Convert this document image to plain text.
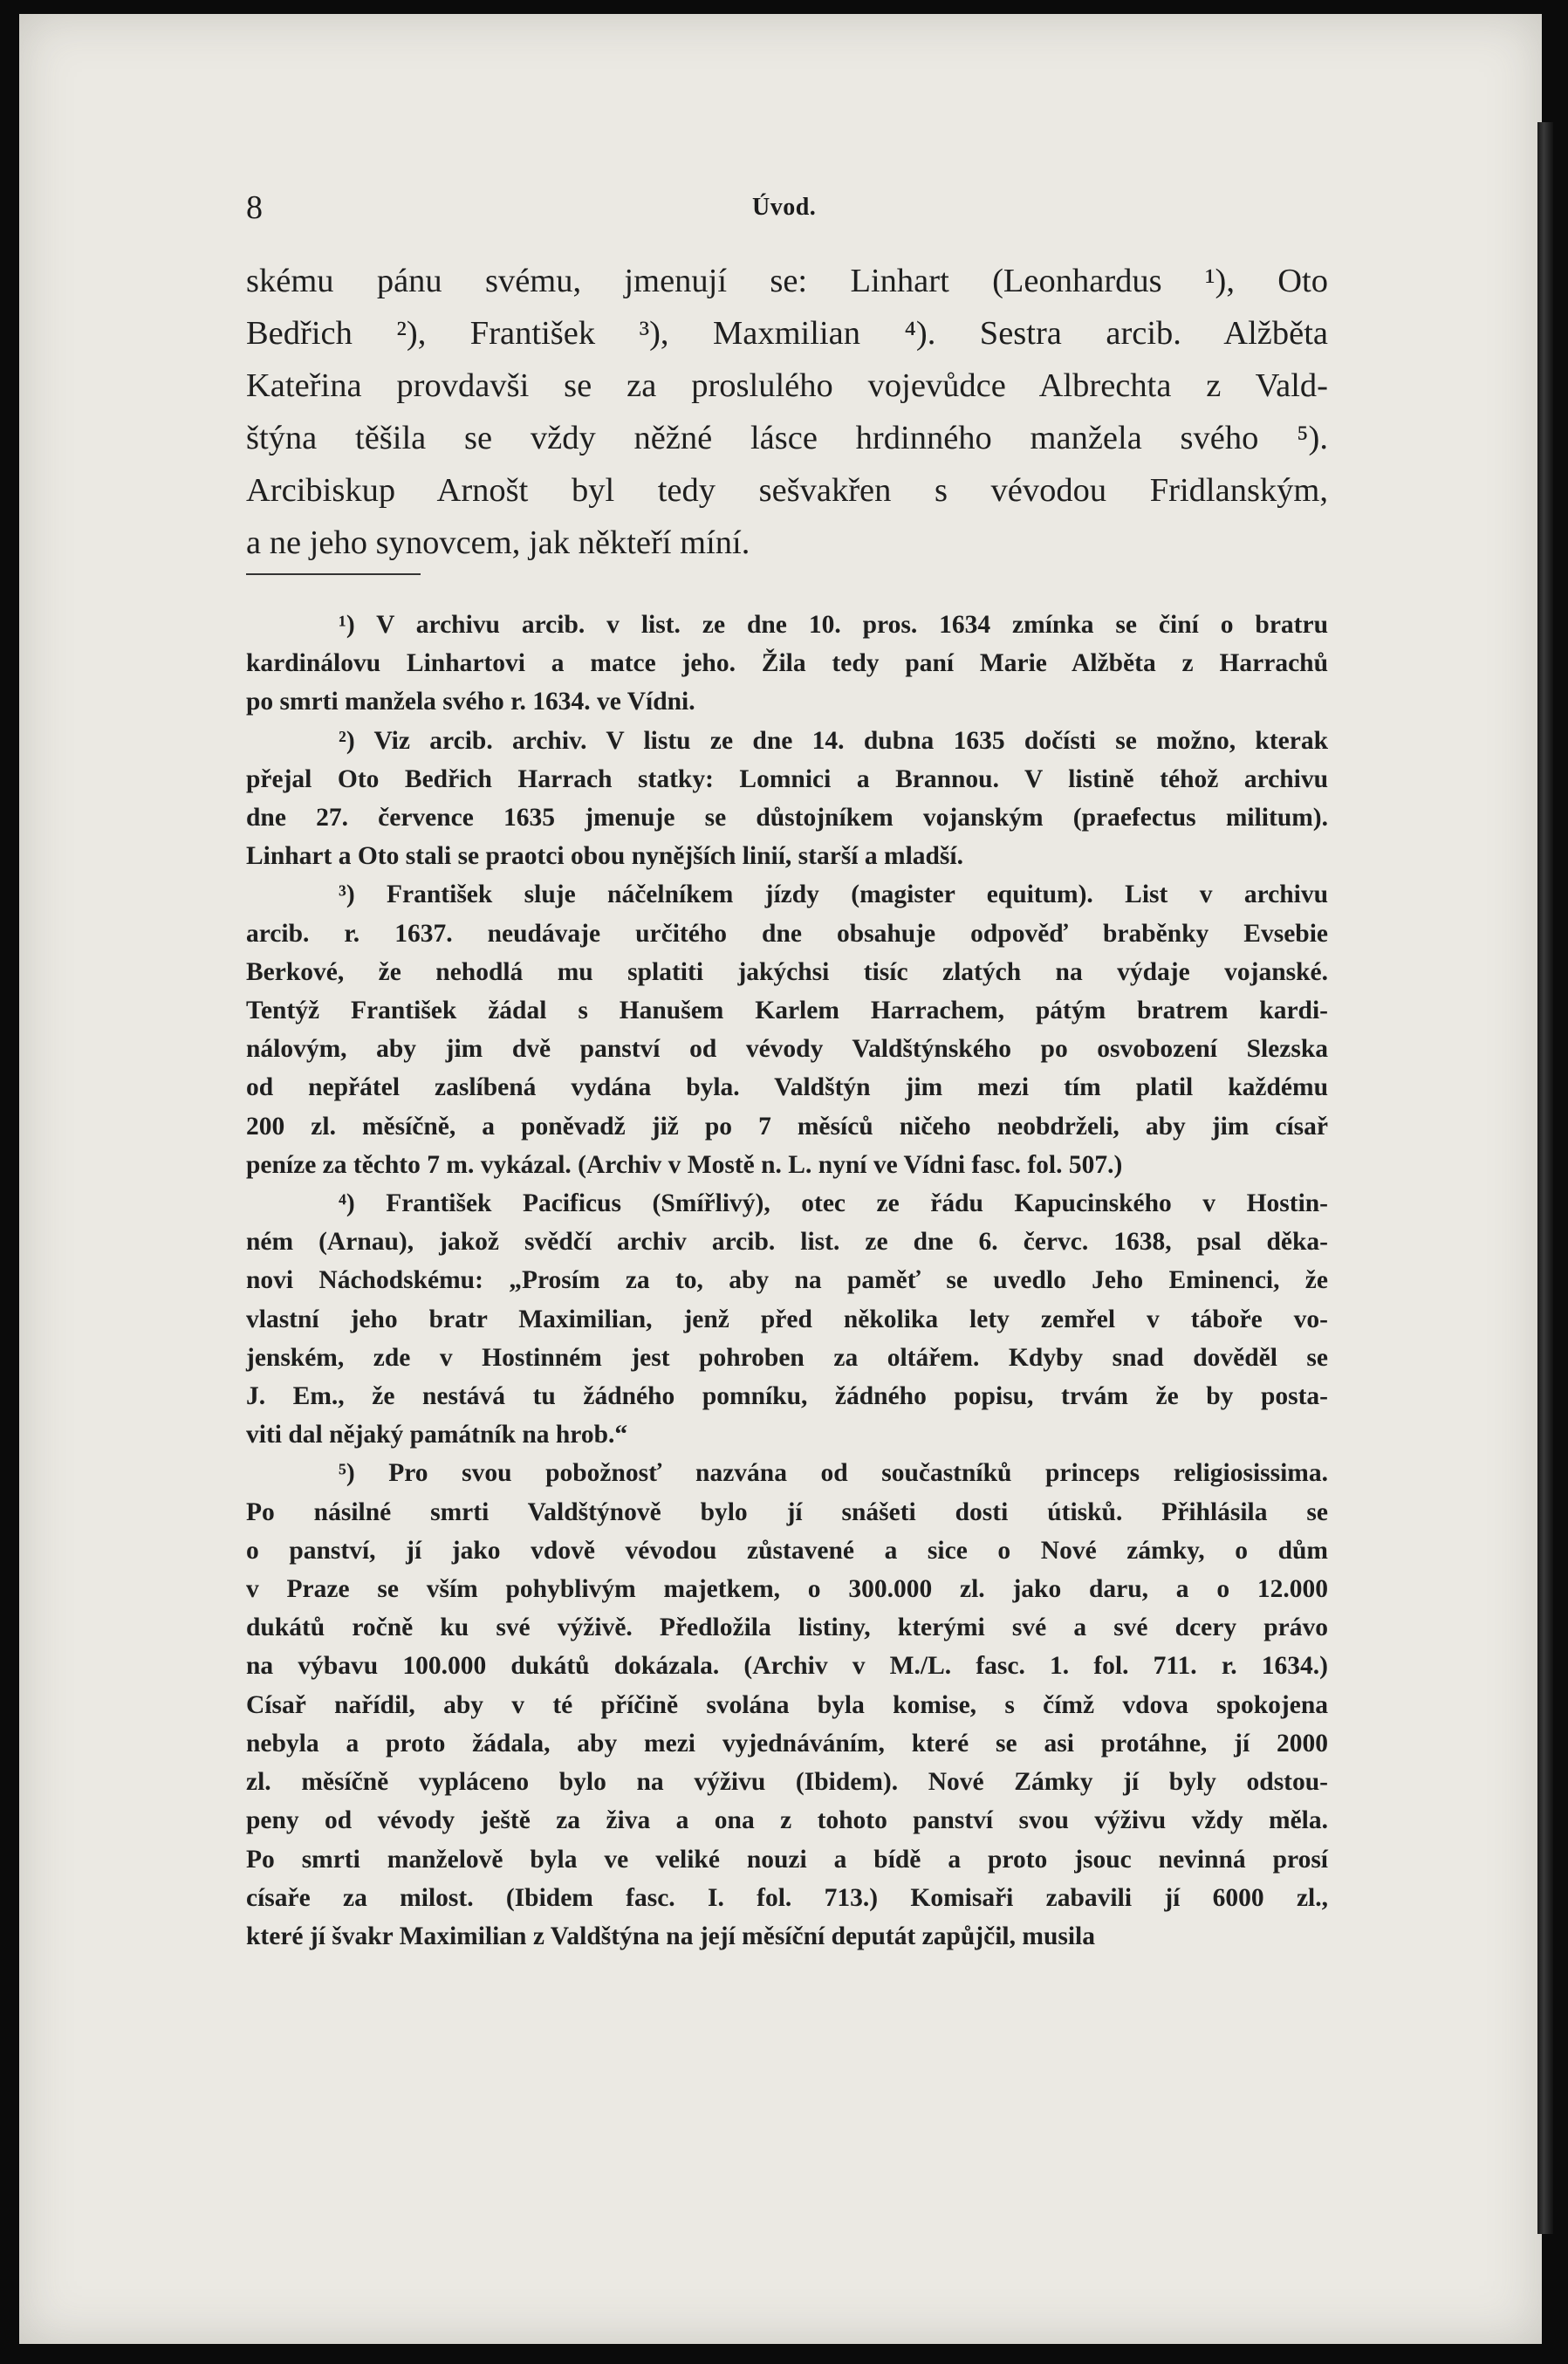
8	Úvod.
skému pánu svému, jmenují se: Linhart (Leonhardus ¹), Oto
Bedřich ²), František ³), Maxmilian ⁴). Sestra arcib. Alžběta
Kateřina provdavši se za proslulého vojevůdce Albrechta z Vald-
štýna těšila se vždy něžné lásce hrdinného manžela svého ⁵).
Arcibiskup Arnošt byl tedy sešvakřen s vévodou Fridlanským,
a ne jeho synovcem, jak někteří míní.
¹) V archivu arcib. v list. ze dne 10. pros. 1634 zmínka se činí o bratru
kardinálovu Linhartovi a matce jeho. Žila tedy paní Marie Alžběta z Harrachů
po smrti manžela svého r. 1634. ve Vídni.
²) Viz arcib. archiv. V listu ze dne 14. dubna 1635 dočísti se možno, kterak
přejal Oto Bedřich Harrach statky: Lomnici a Brannou. V listině téhož archivu
dne 27. července 1635 jmenuje se důstojníkem vojanským (praefectus militum).
Linhart a Oto stali se praotci obou nynějších linií, starší a mladší.
³) František sluje náčelníkem jízdy (magister equitum). List v archivu
arcib. r. 1637. neudávaje určitého dne obsahuje odpověď braběnky Evsebie
Berkové, že nehodlá mu splatiti jakýchsi tisíc zlatých na výdaje vojanské.
Tentýž František žádal s Hanušem Karlem Harrachem, pátým bratrem kardi-
nálovým, aby jim dvě panství od vévody Valdštýnského po osvobození Slezska
od nepřátel zaslíbená vydána byla. Valdštýn jim mezi tím platil každému
200 zl. měsíčně, a poněvadž již po 7 měsíců ničeho neobdrželi, aby jim císař
peníze za těchto 7 m. vykázal. (Archiv v Mostě n. L. nyní ve Vídni fasc. fol. 507.)
⁴) František Pacificus (Smířlivý), otec ze řádu Kapucinského v Hostin-
ném (Arnau), jakož svědčí archiv arcib. list. ze dne 6. červc. 1638, psal děka-
novi Náchodskému: „Prosím za to, aby na paměť se uvedlo Jeho Eminenci, že
vlastní jeho bratr Maximilian, jenž před několika lety zemřel v táboře vo-
jenském, zde v Hostinném jest pohroben za oltářem. Kdyby snad dověděl se
J. Em., že nestává tu žádného pomníku, žádného popisu, trvám že by posta-
viti dal nějaký památník na hrob.“
⁵) Pro svou pobožnosť nazvána od součastníků princeps religiosissima.
Po násilné smrti Valdštýnově bylo jí snášeti dosti útisků. Přihlásila se
o panství, jí jako vdově vévodou zůstavené a sice o Nové zámky, o dům
v Praze se vším pohyblivým majetkem, o 300.000 zl. jako daru, a o 12.000
dukátů ročně ku své výživě. Předložila listiny, kterými své a své dcery právo
na výbavu 100.000 dukátů dokázala. (Archiv v M./L. fasc. 1. fol. 711. r. 1634.)
Císař nařídil, aby v té příčině svolána byla komise, s čímž vdova spokojena
nebyla a proto žádala, aby mezi vyjednáváním, které se asi protáhne, jí 2000
zl. měsíčně vypláceno bylo na výživu (Ibidem). Nové Zámky jí byly odstou-
peny od vévody ještě za živa a ona z tohoto panství svou výživu vždy měla.
Po smrti manželově byla ve veliké nouzi a bídě a proto jsouc nevinná prosí
císaře za milost. (Ibidem fasc. I. fol. 713.) Komisaři zabavili jí 6000 zl.,
které jí švakr Maximilian z Valdštýna na její měsíční deputát zapůjčil, musila
